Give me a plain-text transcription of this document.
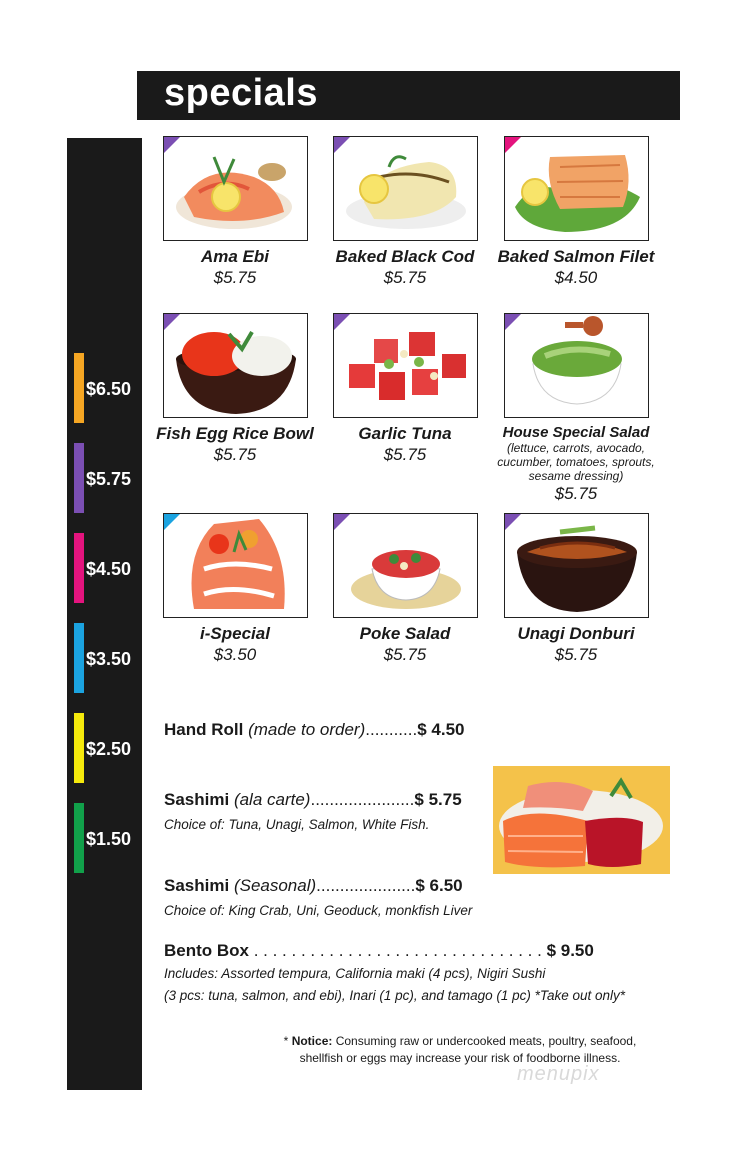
specials
$6.50
$5.75
$4.50
$3.50
$2.50
$1.50
Ama Ebi
$5.75
Baked Black Cod
$5.75
Baked Salmon Filet
$4.50
Fish Egg Rice Bowl
$5.75
Garlic Tuna
$5.75
House Special Salad
(lettuce, carrots, avocado, cucumber, tomatoes, sprouts, sesame dressing)
$5.75
i-Special
$3.50
Poke Salad
$5.75
Unagi Donburi
$5.75
Hand Roll (made to order)...........$ 4.50
Sashimi (ala carte)......................$ 5.75
Choice of: Tuna, Unagi, Salmon, White Fish.
Sashimi (Seasonal).....................$ 6.50
Choice of: King Crab, Uni, Geoduck, monkfish Liver
Bento Box . . . . . . . . . . . . . . . . . . . . . . . . . . . . . . . $ 9.50
Includes: Assorted tempura, California maki (4 pcs), Nigiri Sushi
(3 pcs: tuna, salmon, and ebi), Inari (1 pc), and tamago (1 pc) *Take out only*
* Notice: Consuming raw or undercooked meats, poultry, seafood,
shellfish or eggs may increase your risk of foodborne illness.
menupix
